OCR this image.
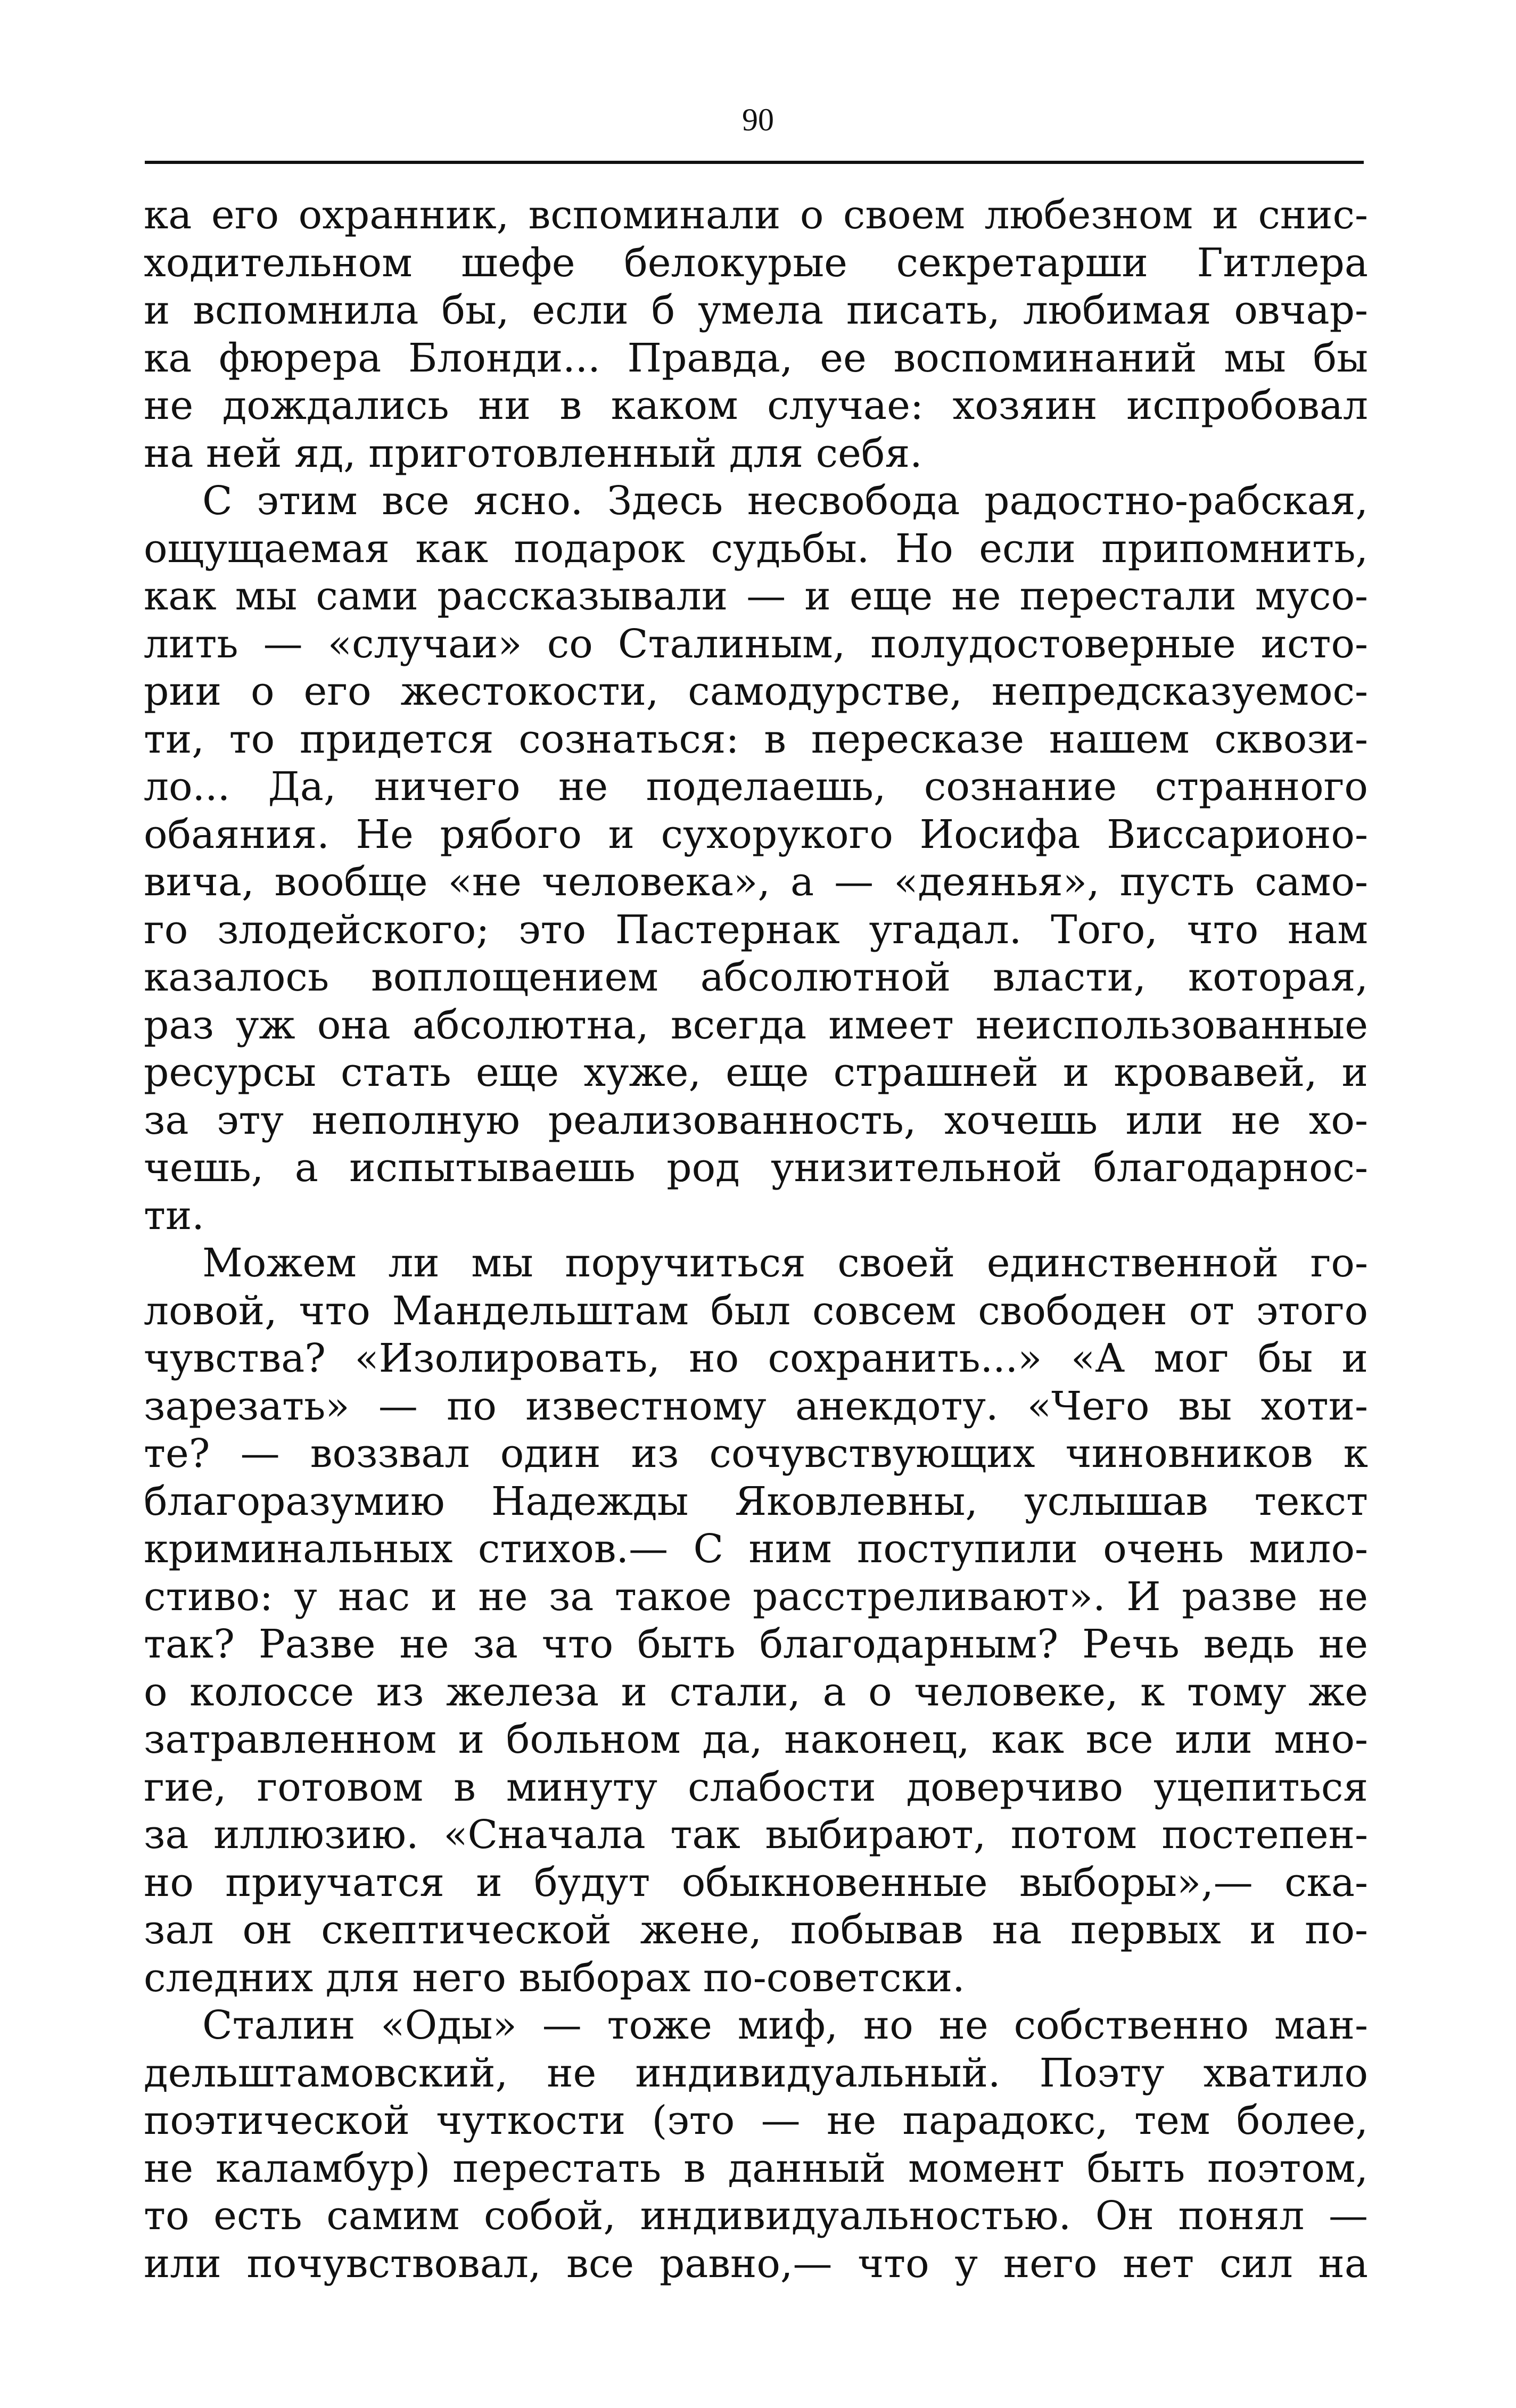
90
ка его охранник, вспоминали о своем любезном и снис-
ходительном шефе белокурые секретарши Гитлера
и вспомнила бы, если б умела писать, любимая овчар-
ка фюрера Блонди... Правда, ее воспоминаний мы бы
не дождались ни в каком случае: хозяин испробовал
на ней яд, приготовленный для себя.
С этим все ясно. Здесь несвобода радостно-рабская,
ощущаемая как подарок судьбы. Но если припомнить,
как мы сами рассказывали — и еще не перестали мусо-
лить — «случаи» со Сталиным, полудостоверные исто-
рии о его жестокости, самодурстве, непредсказуемос-
ти, то придется сознаться: в пересказе нашем сквози-
ло... Да, ничего не поделаешь, сознание странного
обаяния. Не рябого и сухорукого Иосифа Виссарионо-
вича, вообще «не человека», а — «деянья», пусть само-
го злодейского; это Пастернак угадал. Того, что нам
казалось воплощением абсолютной власти, которая,
раз уж она абсолютна, всегда имеет неиспользованные
ресурсы стать еще хуже, еще страшней и кровавей, и
за эту неполную реализованность, хочешь или не хо-
чешь, а испытываешь род унизительной благодарнос-
ти.
Можем ли мы поручиться своей единственной го-
ловой, что Мандельштам был совсем свободен от этого
чувства? «Изолировать, но сохранить...» «А мог бы и
зарезать» — по известному анекдоту. «Чего вы хоти-
те? — воззвал один из сочувствующих чиновников к
благоразумию Надежды Яковлевны, услышав текст
криминальных стихов.— С ним поступили очень мило-
стиво: у нас и не за такое расстреливают». И разве не
так? Разве не за что быть благодарным? Речь ведь не
о колоссе из железа и стали, а о человеке, к тому же
затравленном и больном да, наконец, как все или мно-
гие, готовом в минуту слабости доверчиво уцепиться
за иллюзию. «Сначала так выбирают, потом постепен-
но приучатся и будут обыкновенные выборы»,— ска-
зал он скептической жене, побывав на первых и по-
следних для него выборах по-советски.
Сталин «Оды» — тоже миф, но не собственно ман-
дельштамовский, не индивидуальный. Поэту хватило
поэтической чуткости (это — не парадокс, тем более,
не каламбур) перестать в данный момент быть поэтом,
то есть самим собой, индивидуальностью. Он понял —
или почувствовал, все равно,— что у него нет сил на
